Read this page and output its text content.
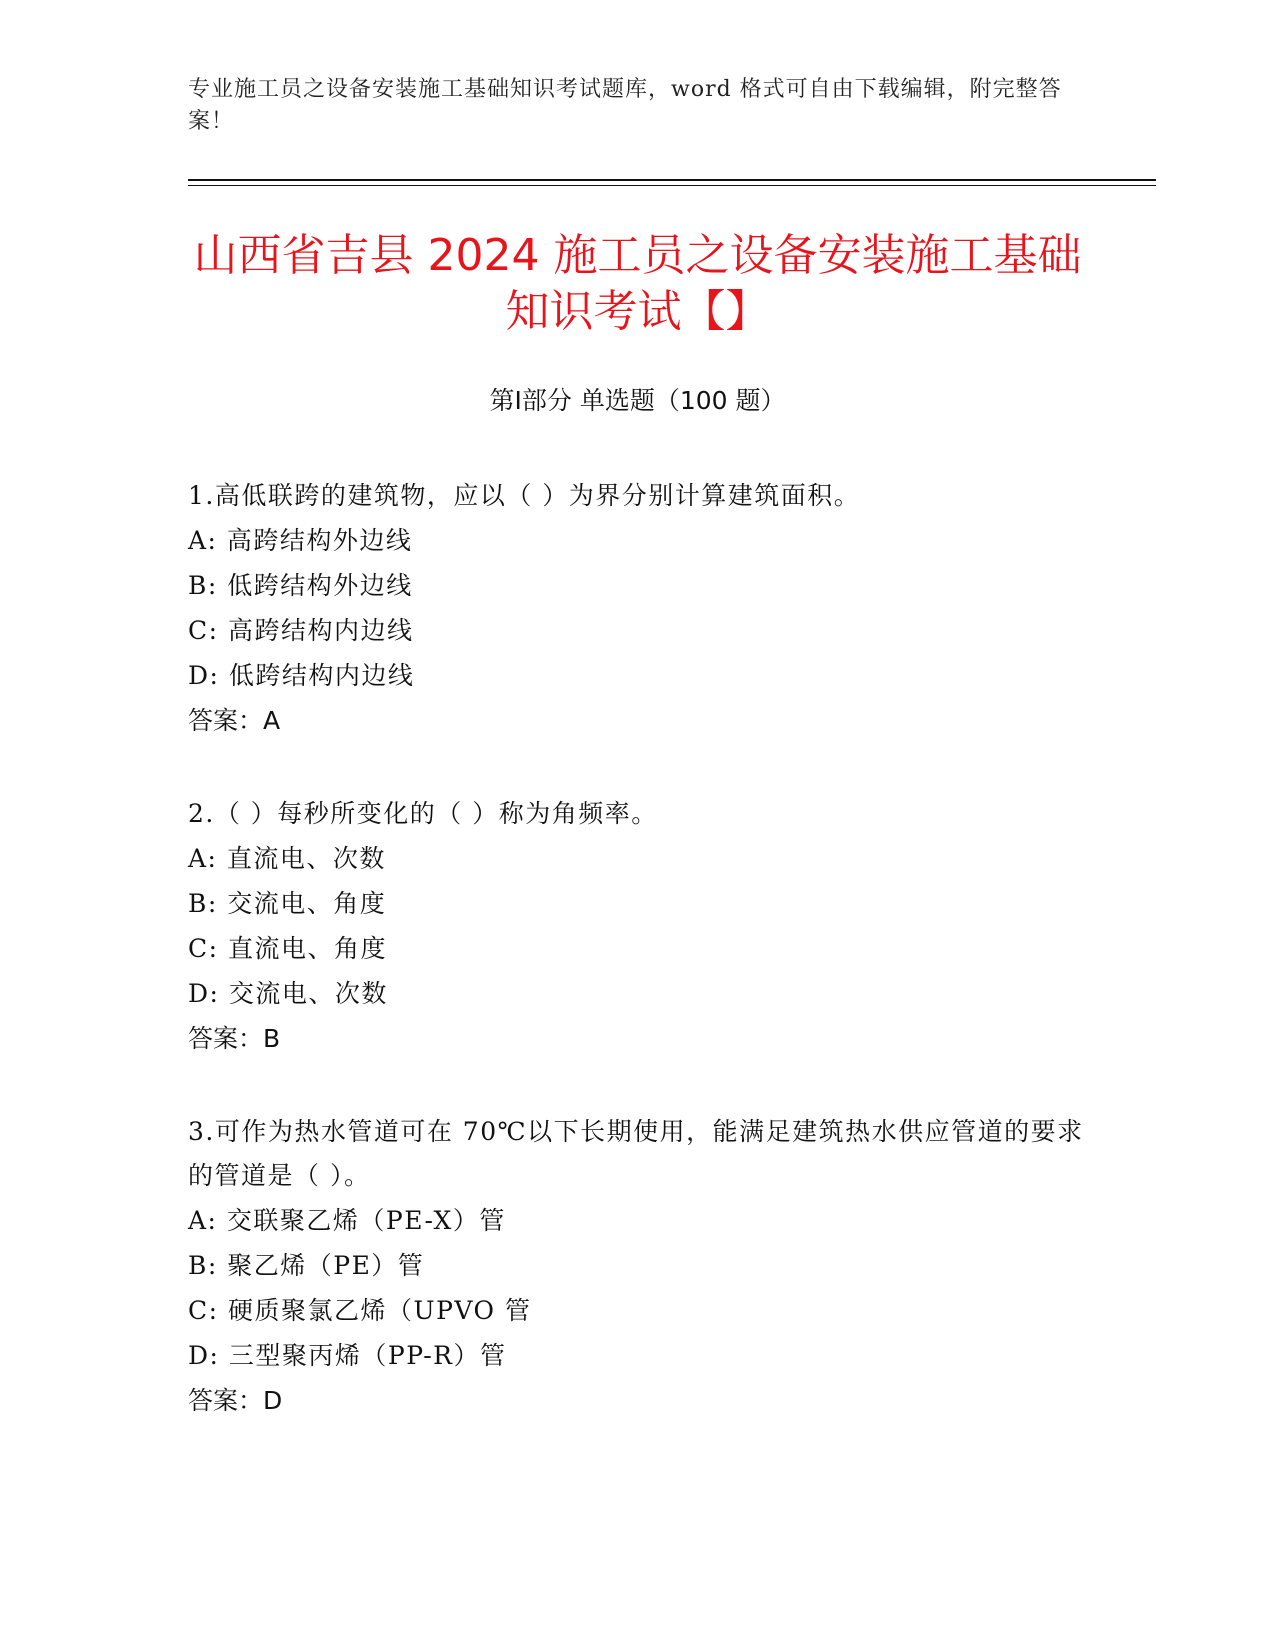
专业施工员之设备安装施工基础知识考试题库，word 格式可自由下载编辑，附完整答案！
山西省吉县 2024 施工员之设备安装施工基础
知识考试【】
第Ⅰ部分 单选题（100 题）

1.高低联跨的建筑物，应以（ ）为界分别计算建筑面积。

A: 高跨结构外边线

B: 低跨结构外边线

C: 高跨结构内边线

D: 低跨结构内边线

答案：A

2.（ ）每秒所变化的（ ）称为角频率。

A: 直流电、次数

B: 交流电、角度

C: 直流电、角度

D: 交流电、次数

答案：B

3.可作为热水管道可在 70℃以下长期使用，能满足建筑热水供应管道的要求的管道是（ ）。

A: 交联聚乙烯（PE-X）管

B: 聚乙烯（PE）管

C: 硬质聚氯乙烯（UPVO 管

D: 三型聚丙烯（PP-R）管

答案：D
